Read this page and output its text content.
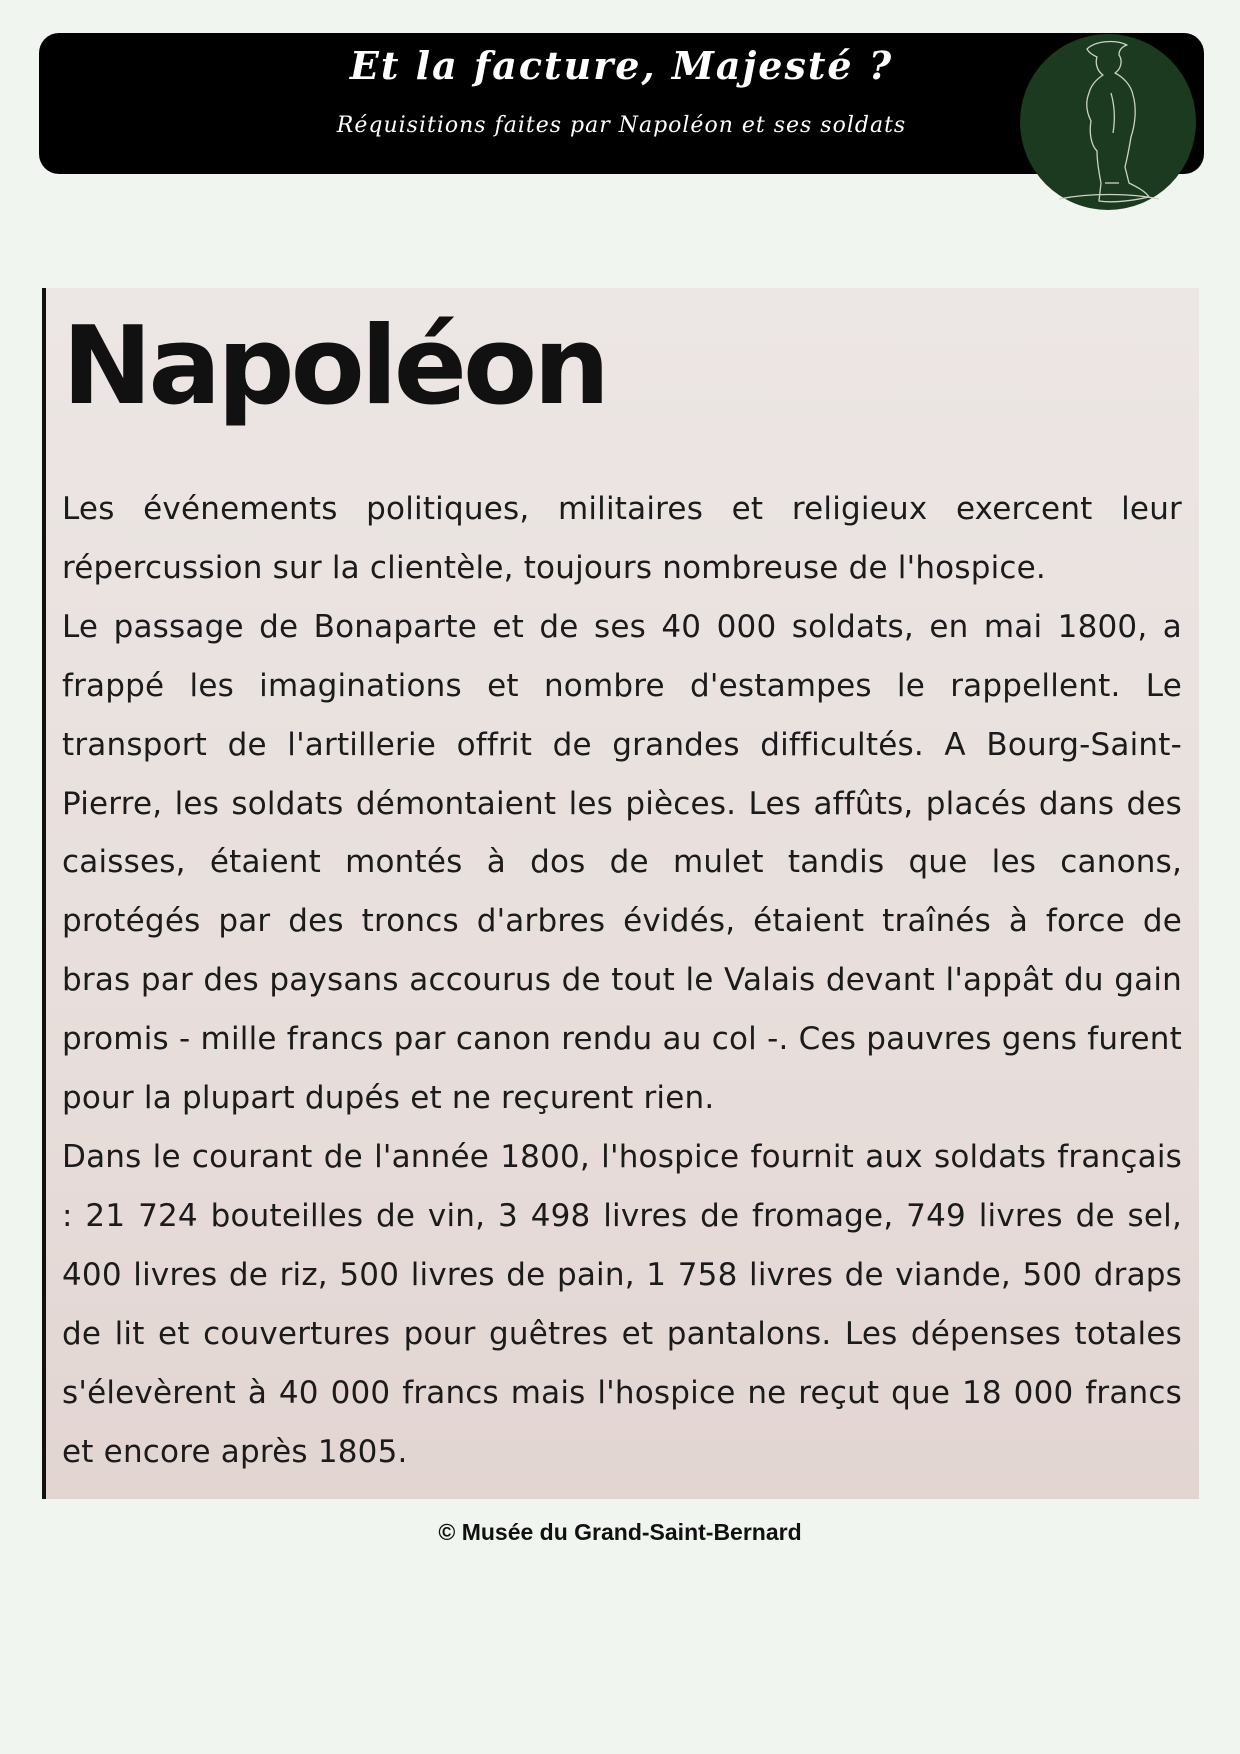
Et la facture, Majesté ?

Réquisitions faites par Napoléon et ses soldats

Napoléon

Les événements politiques, militaires et religieux exercent leur répercussion sur la clientèle, toujours nombreuse de l'hospice.

Le passage de Bonaparte et de ses 40 000 soldats, en mai 1800, a frappé les imaginations et nombre d'estampes le rappellent. Le transport de l'artillerie offrit de grandes difficultés. A Bourg-Saint-Pierre, les soldats démontaient les pièces. Les affûts, placés dans des caisses, étaient montés à dos de mulet tandis que les canons, protégés par des troncs d'arbres évidés, étaient traînés à force de bras par des paysans accourus de tout le Valais devant l'appât du gain promis - mille francs par canon rendu au col -. Ces pauvres gens furent pour la plupart dupés et ne reçurent rien.

Dans le courant de l'année 1800, l'hospice fournit aux soldats français : 21 724 bouteilles de vin, 3 498 livres de fromage, 749 livres de sel, 400 livres de riz, 500 livres de pain, 1 758 livres de viande, 500 draps de lit et couvertures pour guêtres et pantalons. Les dépenses totales s'élevèrent à 40 000 francs mais l'hospice ne reçut que 18 000 francs et encore après 1805.

© Musée du Grand-Saint-Bernard
